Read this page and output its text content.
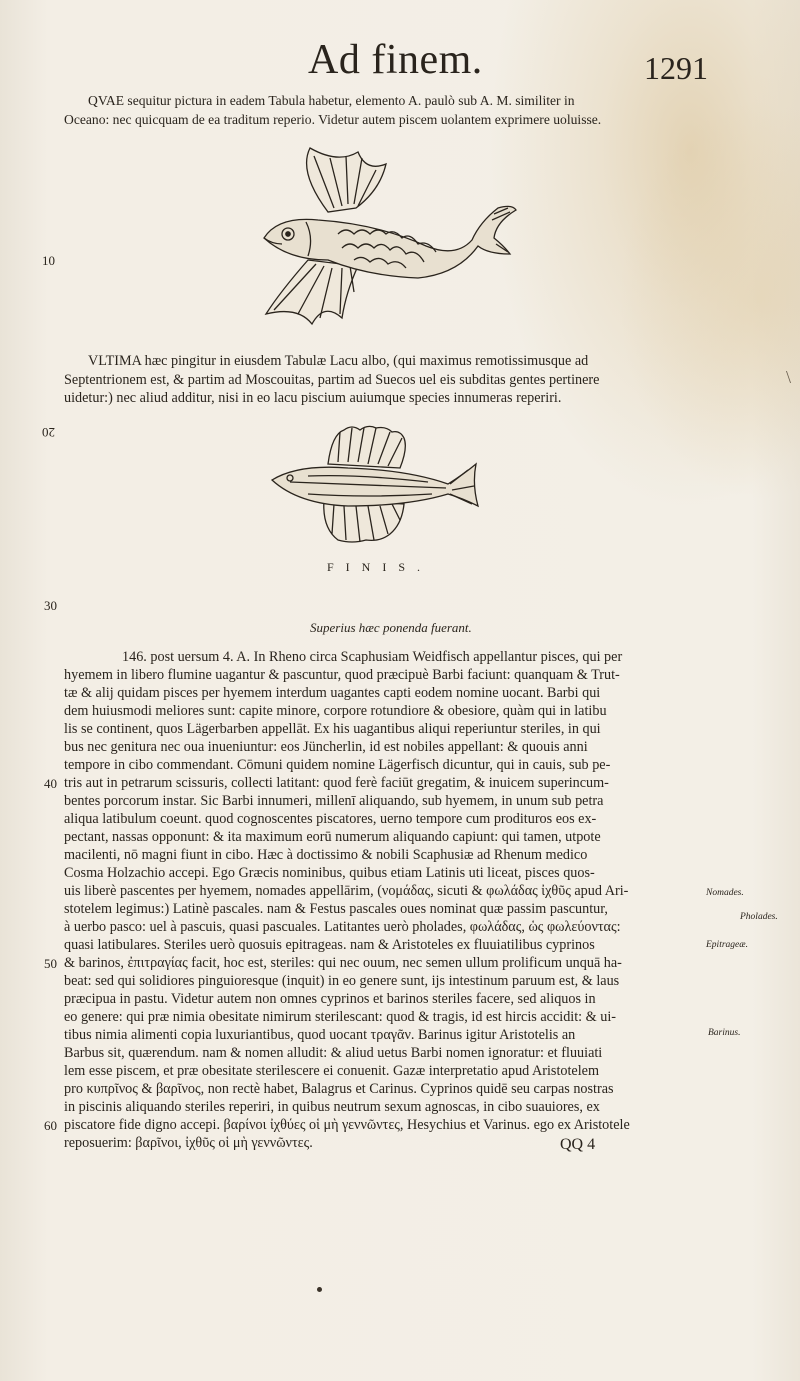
Ad finem.	1291
QVAE sequitur pictura in eadem Tabula habetur, elemento A. paulò sub A. M. similiter in
Oceano: nec quicquam de ea traditum reperio. Videtur autem piscem uolantem exprimere uoluisse.
10
VLTIMA hæc pingitur in eiusdem Tabulæ Lacu albo, (qui maximus remotissimusque ad
Septentrionem est, & partim ad Moscouitas, partim ad Suecos uel eis subditas gentes pertinere
uidetur:) nec aliud additur, nisi in eo lacu piscium auiumque species innumeras reperiri.
20
FINIS.
30
Superius hæc ponenda fuerant.
146. post uersum 4. A. In Rheno circa Scaphusiam Weidfisch appellantur pisces, qui per
hyemem in libero flumine uagantur & pascuntur, quod præcipuè Barbi faciunt: quanquam & Trut-
tæ & alij quidam pisces per hyemem interdum uagantes capti eodem nomine uocant. Barbi qui
dem huiusmodi meliores sunt: capite minore, corpore rotundiore & obesiore, quàm qui in latibu
lis se continent, quos Lägerbarben appellāt. Ex his uagantibus aliqui reperiuntur steriles, in qui
bus nec genitura nec oua inueniuntur: eos Jüncherlin, id est nobiles appellant: & quouis anni
tempore in cibo commendant. Cōmuni quidem nomine Lägerfisch dicuntur, qui in cauis, sub pe-
tris aut in petrarum scissuris, collecti latitant: quod ferè faciūt gregatim, & inuicem superincum-
bentes porcorum instar. Sic Barbi innumeri, millenī aliquando, sub hyemem, in unum sub petra
aliqua latibulum coeunt. quod cognoscentes piscatores, uerno tempore cum prodituros eos ex-
pectant, nassas opponunt: & ita maximum eorū numerum aliquando capiunt: qui tamen, utpote
macilenti, nō magni fiunt in cibo. Hæc à doctissimo & nobili Scaphusiæ ad Rhenum medico
Cosma Holzachio accepi. Ego Græcis nominibus, quibus etiam Latinis uti liceat, pisces quos-
uis liberè pascentes per hyemem, nomades appellārim, (νομάδας, sicuti & φωλάδας ἰχθῦς apud Ari-
stotelem legimus:) Latinè pascales. nam & Festus pascales oues nominat quæ passim pascuntur,
à uerbo pasco: uel à pascuis, quasi pascuales. Latitantes uerò pholades, φωλάδας, ὡς φωλεύοντας:
quasi latibulares. Steriles uerò quosuis epitrageas. nam & Aristoteles ex fluuiatilibus cyprinos
& barinos, ἐπιτραγίας facit, hoc est, steriles: qui nec ouum, nec semen ullum prolificum unquā ha-
beat: sed qui solidiores pinguioresque (inquit) in eo genere sunt, ijs intestinum paruum est, & laus
præcipua in pastu. Videtur autem non omnes cyprinos et barinos steriles facere, sed aliquos in
eo genere: qui præ nimia obesitate nimirum sterilescant: quod & tragis, id est hircis accidit: & ui-
tibus nimia alimenti copia luxuriantibus, quod uocant τραγᾶν. Barinus igitur Aristotelis an
Barbus sit, quærendum. nam & nomen alludit: & aliud uetus Barbi nomen ignoratur: et fluuiati
lem esse piscem, et præ obesitate sterilescere ei conuenit. Gazæ interpretatio apud Aristotelem
pro κυπρῖνος & βαρῖνος, non rectè habet, Balagrus et Carinus. Cyprinos quidē seu carpas nostras
in piscinis aliquando steriles reperiri, in quibus neutrum sexum agnoscas, in cibo suauiores, ex
piscatore fide digno accepi. βαρίνοι ἰχθύες οἱ μὴ γεννῶντες, Hesychius et Varinus. ego ex Aristotele
reposuerim: βαρῖνοι, ἰχθῦς οἱ μὴ γεννῶντες.
40
50
60
Nomades.
Pholades.
Epitrageæ.
Barinus.
QQ 4
\
